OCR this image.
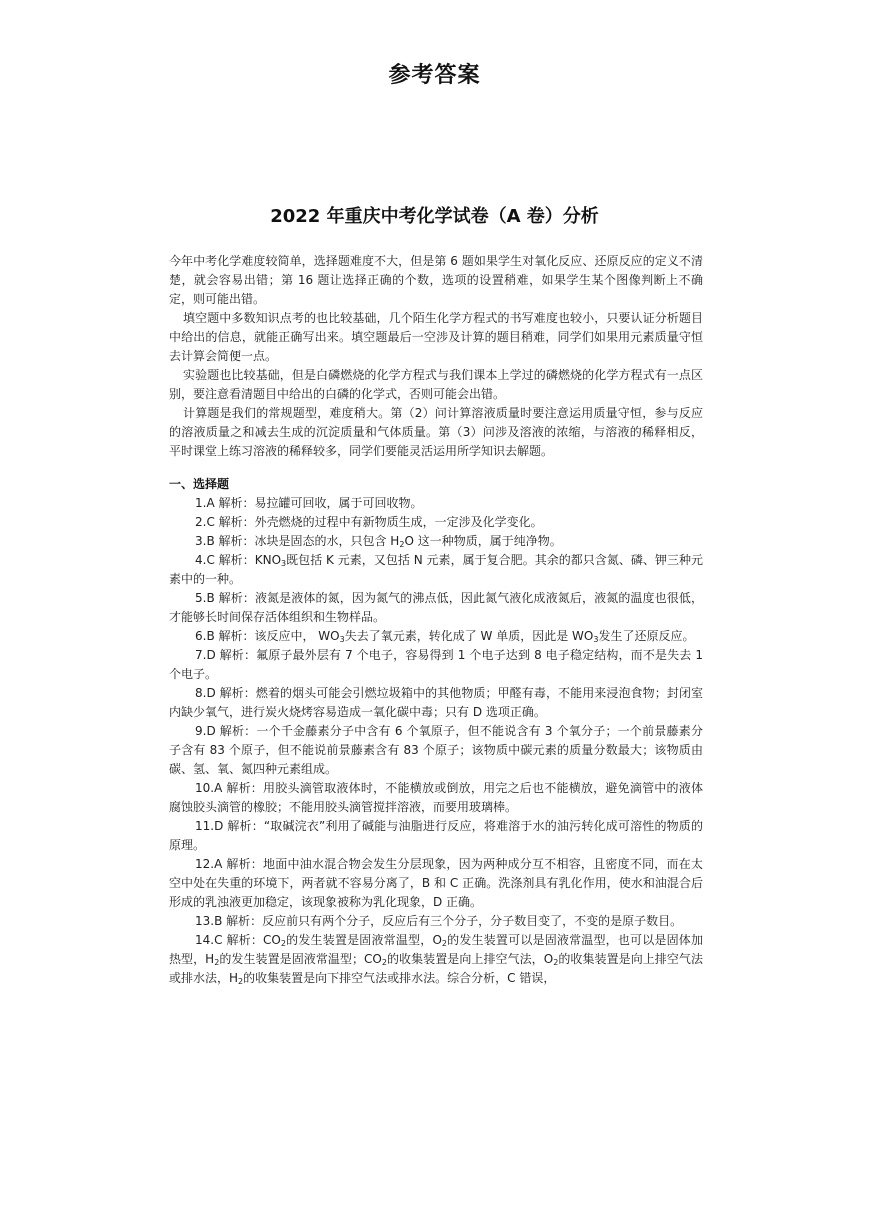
参考答案
2022 年重庆中考化学试卷（A 卷）分析

今年中考化学难度较简单，选择题难度不大，但是第 6 题如果学生对氧化反应、还原反应的定义不清楚，就会容易出错；第 16 题让选择正确的个数，选项的设置稍难，如果学生某个图像判断上不确定，则可能出错。

填空题中多数知识点考的也比较基础，几个陌生化学方程式的书写难度也较小，只要认证分析题目中给出的信息，就能正确写出来。填空题最后一空涉及计算的题目稍难，同学们如果用元素质量守恒去计算会简便一点。

实验题也比较基础，但是白磷燃烧的化学方程式与我们课本上学过的磷燃烧的化学方程式有一点区别，要注意看清题目中给出的白磷的化学式，否则可能会出错。

计算题是我们的常规题型，难度稍大。第（2）问计算溶液质量时要注意运用质量守恒，参与反应的溶液质量之和减去生成的沉淀质量和气体质量。第（3）问涉及溶液的浓缩，与溶液的稀释相反，平时课堂上练习溶液的稀释较多，同学们要能灵活运用所学知识去解题。

一、选择题

1.A 解析：易拉罐可回收，属于可回收物。

2.C 解析：外壳燃烧的过程中有新物质生成，一定涉及化学变化。

3.B 解析：冰块是固态的水，只包含 $H_2O$ 这一种物质，属于纯净物。

4.C 解析：$KNO_3$既包括 K 元素，又包括 N 元素，属于复合肥。其余的都只含氮、磷、钾三种元素中的一种。

5.B 解析：液氮是液体的氮，因为氮气的沸点低，因此氮气液化成液氮后，液氮的温度也很低，才能够长时间保存活体组织和生物样品。

6.B 解析：该反应中， $WO_3$失去了氧元素，转化成了 W 单质，因此是 $WO_3$发生了还原反应。

7.D 解析：氟原子最外层有 7 个电子，容易得到 1 个电子达到 8 电子稳定结构，而不是失去 1 个电子。

8.D 解析：燃着的烟头可能会引燃垃圾箱中的其他物质；甲醛有毒，不能用来浸泡食物；封闭室内缺少氧气，进行炭火烧烤容易造成一氧化碳中毒；只有 D 选项正确。

9.D 解析：一个千金藤素分子中含有 6 个氧原子，但不能说含有 3 个氧分子；一个前景藤素分子含有 83 个原子，但不能说前景藤素含有 83 个原子；该物质中碳元素的质量分数最大；该物质由碳、氢、氧、氮四种元素组成。

10.A 解析：用胶头滴管取液体时，不能横放或倒放，用完之后也不能横放，避免滴管中的液体腐蚀胶头滴管的橡胶；不能用胶头滴管搅拌溶液，而要用玻璃棒。

11.D 解析：“取碱浣衣”利用了碱能与油脂进行反应，将难溶于水的油污转化成可溶性的物质的原理。

12.A 解析：地面中油水混合物会发生分层现象，因为两种成分互不相容，且密度不同，而在太空中处在失重的环境下，两者就不容易分离了，B 和 C 正确。洗涤剂具有乳化作用，使水和油混合后形成的乳浊液更加稳定，该现象被称为乳化现象，D 正确。

13.B 解析：反应前只有两个分子，反应后有三个分子，分子数目变了，不变的是原子数目。

14.C 解析：$CO_2$的发生装置是固液常温型，$O_2$的发生装置可以是固液常温型，也可以是固体加热型，$H_2$的发生装置是固液常温型；$CO_2$的收集装置是向上排空气法，$O_2$的收集装置是向上排空气法或排水法，$H_2$的收集装置是向下排空气法或排水法。综合分析，C 错误，
